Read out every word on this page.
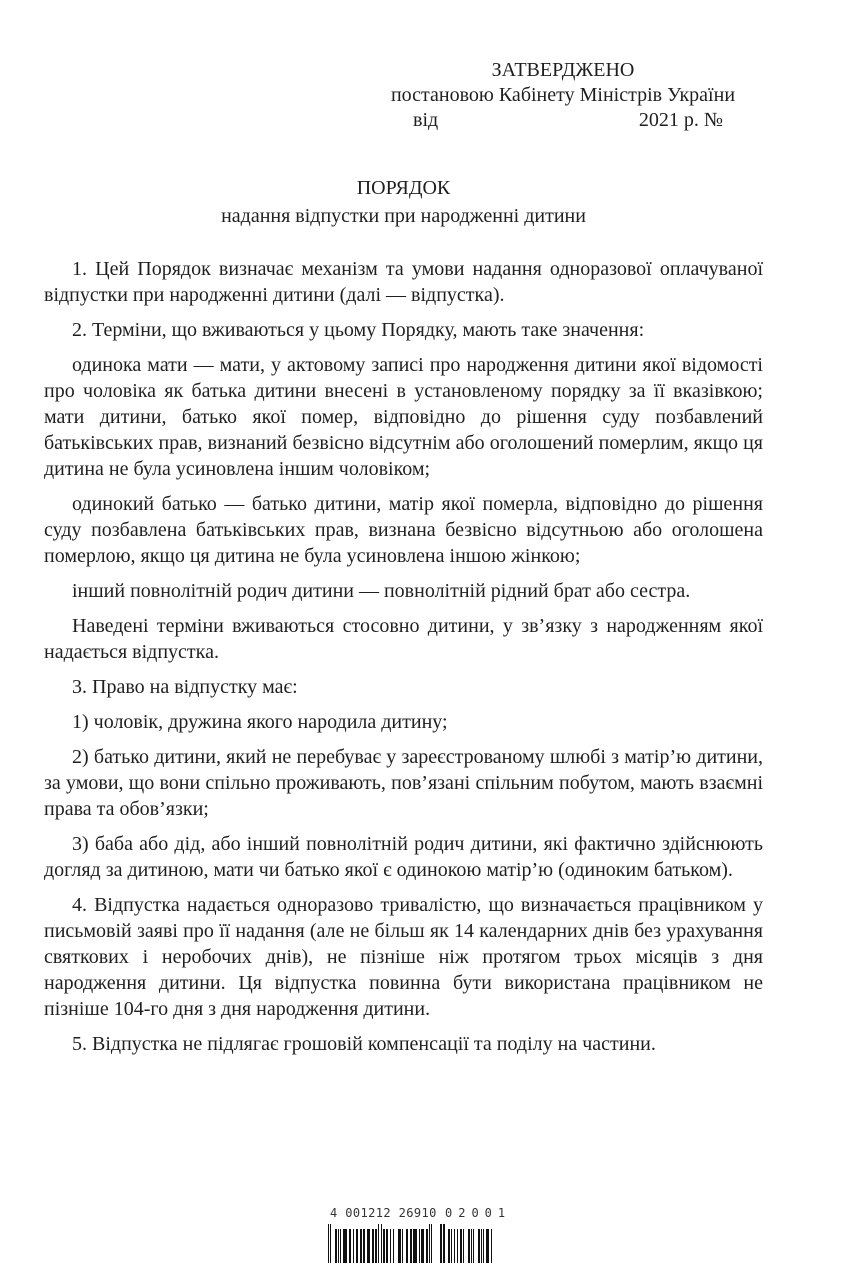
ЗАТВЕРДЖЕНО
постановою Кабінету Міністрів України
від	2021 р. №
ПОРЯДОК
надання відпустки при народженні дитини

1. Цей Порядок визначає механізм та умови надання одноразової оплачуваної відпустки при народженні дитини (далі — відпустка).

2. Терміни, що вживаються у цьому Порядку, мають таке значення:

одинока мати — мати, у актовому записі про народження дитини якої відомості про чоловіка як батька дитини внесені в установленому порядку за її вказівкою; мати дитини, батько якої помер, відповідно до рішення суду позбавлений батьківських прав, визнаний безвісно відсутнім або оголошений померлим, якщо ця дитина не була усиновлена іншим чоловіком;

одинокий батько — батько дитини, матір якої померла, відповідно до рішення суду позбавлена батьківських прав, визнана безвісно відсутньою або оголошена померлою, якщо ця дитина не була усиновлена іншою жінкою;

інший повнолітній родич дитини — повнолітній рідний брат або сестра.

Наведені терміни вживаються стосовно дитини, у зв’язку з народженням якої надається відпустка.

3. Право на відпустку має:

1) чоловік, дружина якого народила дитину;

2) батько дитини, який не перебуває у зареєстрованому шлюбі з матір’ю дитини, за умови, що вони спільно проживають, пов’язані спільним побутом, мають взаємні права та обов’язки;

3) баба або дід, або інший повнолітній родич дитини, які фактично здійснюють догляд за дитиною, мати чи батько якої є одинокою матір’ю (одиноким батьком).

4. Відпустка надається одноразово тривалістю, що визначається працівником у письмовій заяві про її надання (але не більш як 14 календарних днів без урахування святкових і неробочих днів), не пізніше ніж протягом трьох місяців з дня народження дитини. Ця відпустка повинна бути використана працівником не пізніше 104-го дня з дня народження дитини.

5. Відпустка не підлягає грошовій компенсації та поділу на частини.

4 001212 26910 02001
